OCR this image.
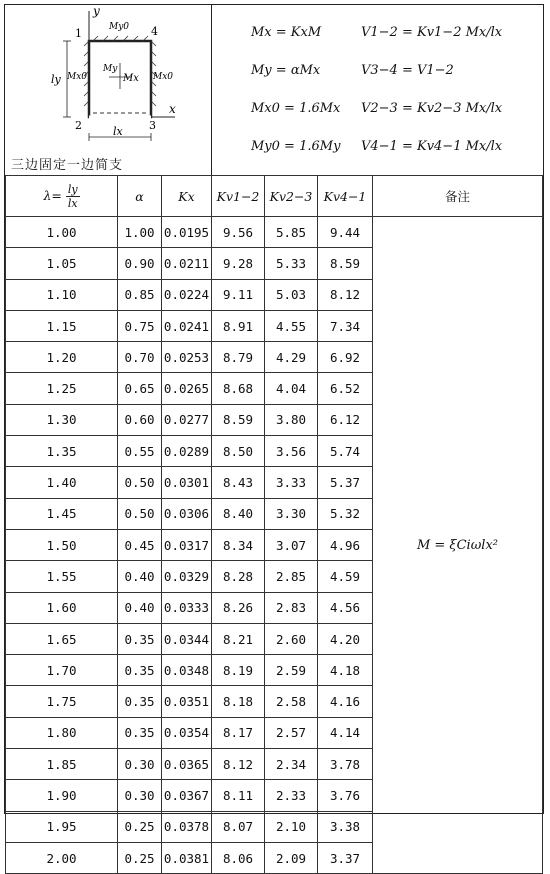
y
x
1	4
2	3
lx
ly	Mx
My
Mx0	Mx0
My0
三边固定一边简支
Mx = KxM
My = αMx
Mx0 = 1.6Mx
My0 = 1.6My
V1−2 = Kv1−2 Mx/lx
V3−4 = V1−2
V2−3 = Kv2−3 Mx/lx
V4−1 = Kv4−1 Mx/lx
$\lambda= \frac{ly}{lx}$	α	Kx	Kv1−2	Kv2−3	Kv4−1	备注
1.00	1.00	0.0195	9.56	5.85	9.44	M = ξCiωlx²
1.05	0.90	0.0211	9.28	5.33	8.59	
1.10	0.85	0.0224	9.11	5.03	8.12	
1.15	0.75	0.0241	8.91	4.55	7.34	
1.20	0.70	0.0253	8.79	4.29	6.92	
1.25	0.65	0.0265	8.68	4.04	6.52	
1.30	0.60	0.0277	8.59	3.80	6.12	
1.35	0.55	0.0289	8.50	3.56	5.74	
1.40	0.50	0.0301	8.43	3.33	5.37	
1.45	0.50	0.0306	8.40	3.30	5.32	
1.50	0.45	0.0317	8.34	3.07	4.96	
1.55	0.40	0.0329	8.28	2.85	4.59	
1.60	0.40	0.0333	8.26	2.83	4.56	
1.65	0.35	0.0344	8.21	2.60	4.20	
1.70	0.35	0.0348	8.19	2.59	4.18	
1.75	0.35	0.0351	8.18	2.58	4.16	
1.80	0.35	0.0354	8.17	2.57	4.14	
1.85	0.30	0.0365	8.12	2.34	3.78	
1.90	0.30	0.0367	8.11	2.33	3.76	
1.95	0.25	0.0378	8.07	2.10	3.38	
2.00	0.25	0.0381	8.06	2.09	3.37	
